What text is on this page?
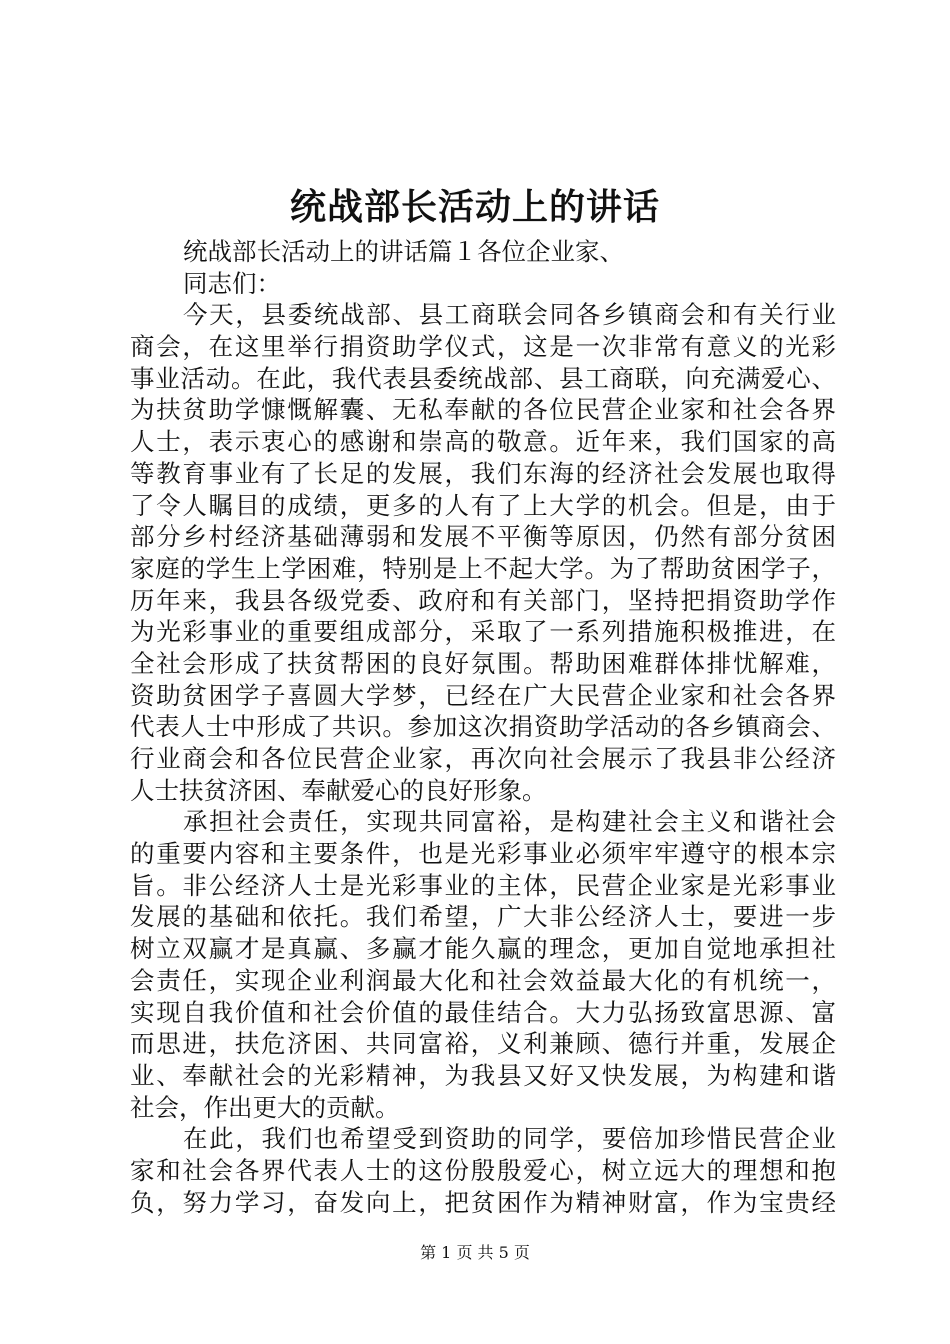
统战部长活动上的讲话
统战部长活动上的讲话篇１各位企业家、
同志们：
今天，县委统战部、县工商联会同各乡镇商会和有关行业
商会，在这里举行捐资助学仪式，这是一次非常有意义的光彩
事业活动。在此，我代表县委统战部、县工商联，向充满爱心、
为扶贫助学慷慨解囊、无私奉献的各位民营企业家和社会各界
人士，表示衷心的感谢和崇高的敬意。近年来，我们国家的高
等教育事业有了长足的发展，我们东海的经济社会发展也取得
了令人瞩目的成绩，更多的人有了上大学的机会。但是，由于
部分乡村经济基础薄弱和发展不平衡等原因，仍然有部分贫困
家庭的学生上学困难，特别是上不起大学。为了帮助贫困学子，
历年来，我县各级党委、政府和有关部门，坚持把捐资助学作
为光彩事业的重要组成部分，采取了一系列措施积极推进，在
全社会形成了扶贫帮困的良好氛围。帮助困难群体排忧解难，
资助贫困学子喜圆大学梦，已经在广大民营企业家和社会各界
代表人士中形成了共识。参加这次捐资助学活动的各乡镇商会、
行业商会和各位民营企业家，再次向社会展示了我县非公经济
人士扶贫济困、奉献爱心的良好形象。
承担社会责任，实现共同富裕，是构建社会主义和谐社会
的重要内容和主要条件，也是光彩事业必须牢牢遵守的根本宗
旨。非公经济人士是光彩事业的主体，民营企业家是光彩事业
发展的基础和依托。我们希望，广大非公经济人士，要进一步
树立双赢才是真赢、多赢才能久赢的理念，更加自觉地承担社
会责任，实现企业利润最大化和社会效益最大化的有机统一，
实现自我价值和社会价值的最佳结合。大力弘扬致富思源、富
而思进，扶危济困、共同富裕，义利兼顾、德行并重，发展企
业、奉献社会的光彩精神，为我县又好又快发展，为构建和谐
社会，作出更大的贡献。
在此，我们也希望受到资助的同学，要倍加珍惜民营企业
家和社会各界代表人士的这份殷殷爱心，树立远大的理想和抱
负，努力学习，奋发向上，把贫困作为精神财富，作为宝贵经
第 1 页 共 5 页
